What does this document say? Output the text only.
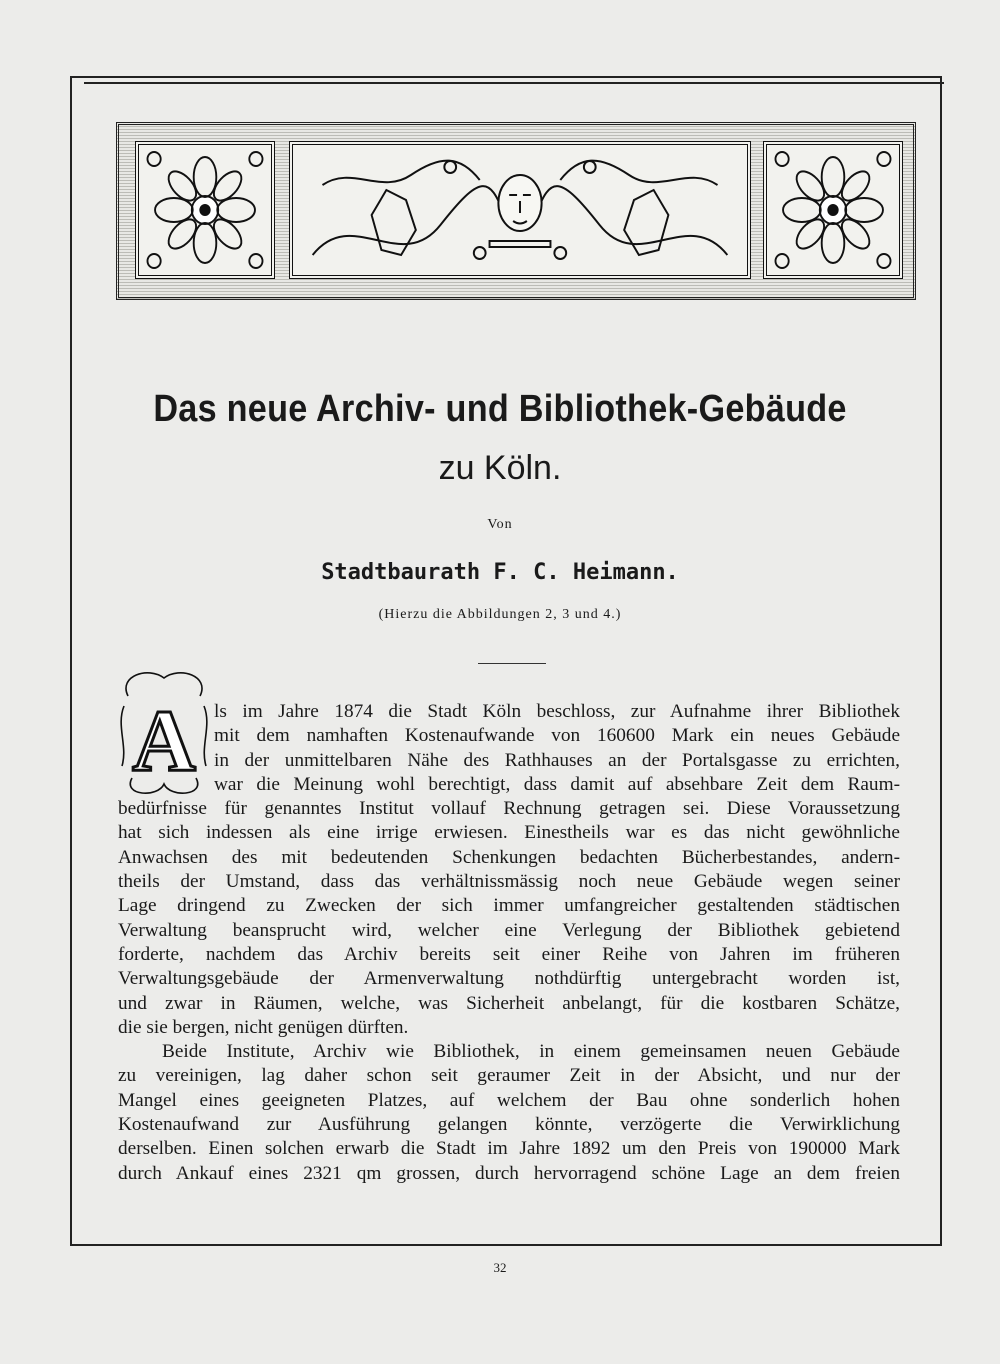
Das neue Archiv- und Bibliothek-Gebäude
zu Köln.
Von
Stadtbaurath F. C. Heimann.
(Hierzu die Abbildungen 2, 3 und 4.)
A ls im Jahre 1874 die Stadt Köln beschloss, zur Aufnahme ihrer Bibliothek
mit dem namhaften Kostenaufwande von 160600 Mark ein neues Gebäude
in der unmittelbaren Nähe des Rathhauses an der Portalsgasse zu errichten,
war die Meinung wohl berechtigt, dass damit auf absehbare Zeit dem Raum-
bedürfnisse für genanntes Institut vollauf Rechnung getragen sei. Diese Voraussetzung
hat sich indessen als eine irrige erwiesen. Einestheils war es das nicht gewöhnliche
Anwachsen des mit bedeutenden Schenkungen bedachten Bücherbestandes, andern-
theils der Umstand, dass das verhältnissmässig noch neue Gebäude wegen seiner
Lage dringend zu Zwecken der sich immer umfangreicher gestaltenden städtischen
Verwaltung beansprucht wird, welcher eine Verlegung der Bibliothek gebietend
forderte, nachdem das Archiv bereits seit einer Reihe von Jahren im früheren
Verwaltungsgebäude der Armenverwaltung nothdürftig untergebracht worden ist,
und zwar in Räumen, welche, was Sicherheit anbelangt, für die kostbaren Schätze,
die sie bergen, nicht genügen dürften.
Beide Institute, Archiv wie Bibliothek, in einem gemeinsamen neuen Gebäude
zu vereinigen, lag daher schon seit geraumer Zeit in der Absicht, und nur der
Mangel eines geeigneten Platzes, auf welchem der Bau ohne sonderlich hohen
Kostenaufwand zur Ausführung gelangen könnte, verzögerte die Verwirklichung
derselben. Einen solchen erwarb die Stadt im Jahre 1892 um den Preis von 190000 Mark
durch Ankauf eines 2321 qm grossen, durch hervorragend schöne Lage an dem freien
32
